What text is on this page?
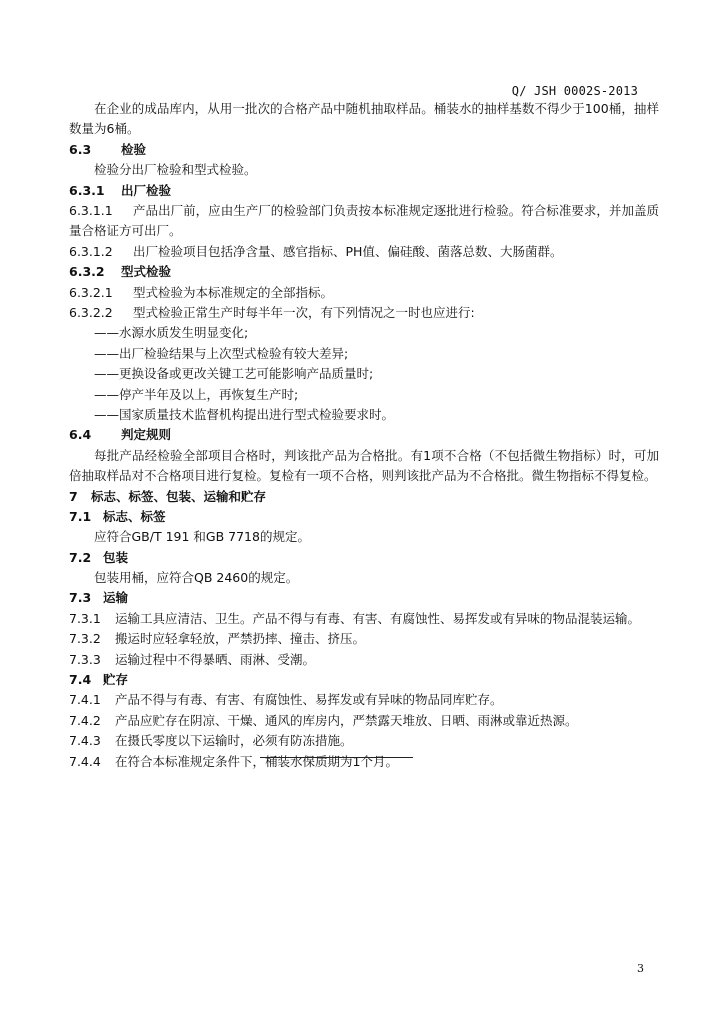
Q/ JSH 0002S-2013

在企业的成品库内，从用一批次的合格产品中随机抽取样品。桶装水的抽样基数不得少于100桶，抽样数量为6桶。

6.3 检验
检验分出厂检验和型式检验。
6.3.1 出厂检验
6.3.1.1 产品出厂前，应由生产厂的检验部门负责按本标准规定逐批进行检验。符合标准要求，并加盖质量合格证方可出厂。
6.3.1.2 出厂检验项目包括净含量、感官指标、PH值、偏硅酸、菌落总数、大肠菌群。
6.3.2 型式检验
6.3.2.1 型式检验为本标准规定的全部指标。
6.3.2.2 型式检验正常生产时每半年一次，有下列情况之一时也应进行:
——水源水质发生明显变化;
——出厂检验结果与上次型式检验有较大差异;
——更换设备或更改关键工艺可能影响产品质量时;
——停产半年及以上，再恢复生产时;
——国家质量技术监督机构提出进行型式检验要求时。
6.4 判定规则

每批产品经检验全部项目合格时，判该批产品为合格批。有1项不合格（不包括微生物指标）时，可加倍抽取样品对不合格项目进行复检。复检有一项不合格，则判该批产品为不合格批。微生物指标不得复检。

7 标志、标签、包装、运输和贮存
7.1 标志、标签
应符合GB/T 191 和GB 7718的规定。
7.2 包装
包装用桶，应符合QB 2460的规定。
7.3 运输
7.3.1 运输工具应清洁、卫生。产品不得与有毒、有害、有腐蚀性、易挥发或有异味的物品混装运输。
7.3.2 搬运时应轻拿轻放，严禁扔摔、撞击、挤压。
7.3.3 运输过程中不得暴晒、雨淋、受潮。
7.4 贮存
7.4.1 产品不得与有毒、有害、有腐蚀性、易挥发或有异味的物品同库贮存。
7.4.2 产品应贮存在阴凉、干燥、通风的库房内，严禁露天堆放、日晒、雨淋或靠近热源。
7.4.3 在摄氏零度以下运输时，必须有防冻措施。
7.4.4 在符合本标准规定条件下，桶装水保质期为1个月。
3
